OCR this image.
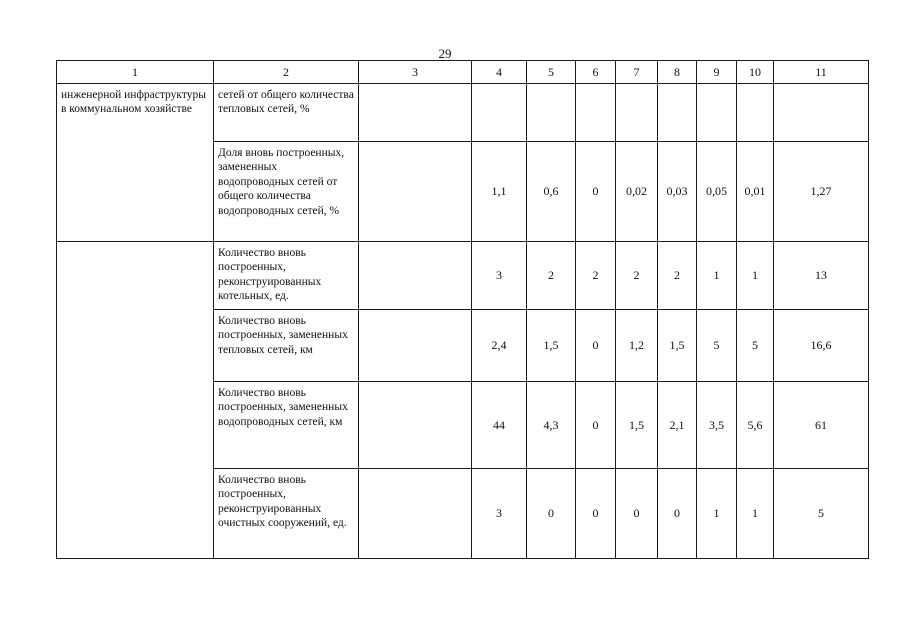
29
1	2	3	4	5	6	7	8	9	10	11
инженерной инфраструктуры в коммунальном хозяйстве	сетей от общего количества тепловых сетей, %									
	Доля вновь построенных, замененных водопроводных сетей от общего количества водопроводных сетей, %		1,1	0,6	0	0,02	0,03	0,05	0,01	1,27
	Количество вновь построенных, реконструированных котельных, ед.		3	2	2	2	2	1	1	13
	Количество вновь построенных, замененных тепловых сетей, км		2,4	1,5	0	1,2	1,5	5	5	16,6
	Количество вновь построенных, замененных водопроводных сетей, км		44	4,3	0	1,5	2,1	3,5	5,6	61
	Количество вновь построенных, реконструированных очистных сооружений, ед.		3	0	0	0	0	1	1	5
